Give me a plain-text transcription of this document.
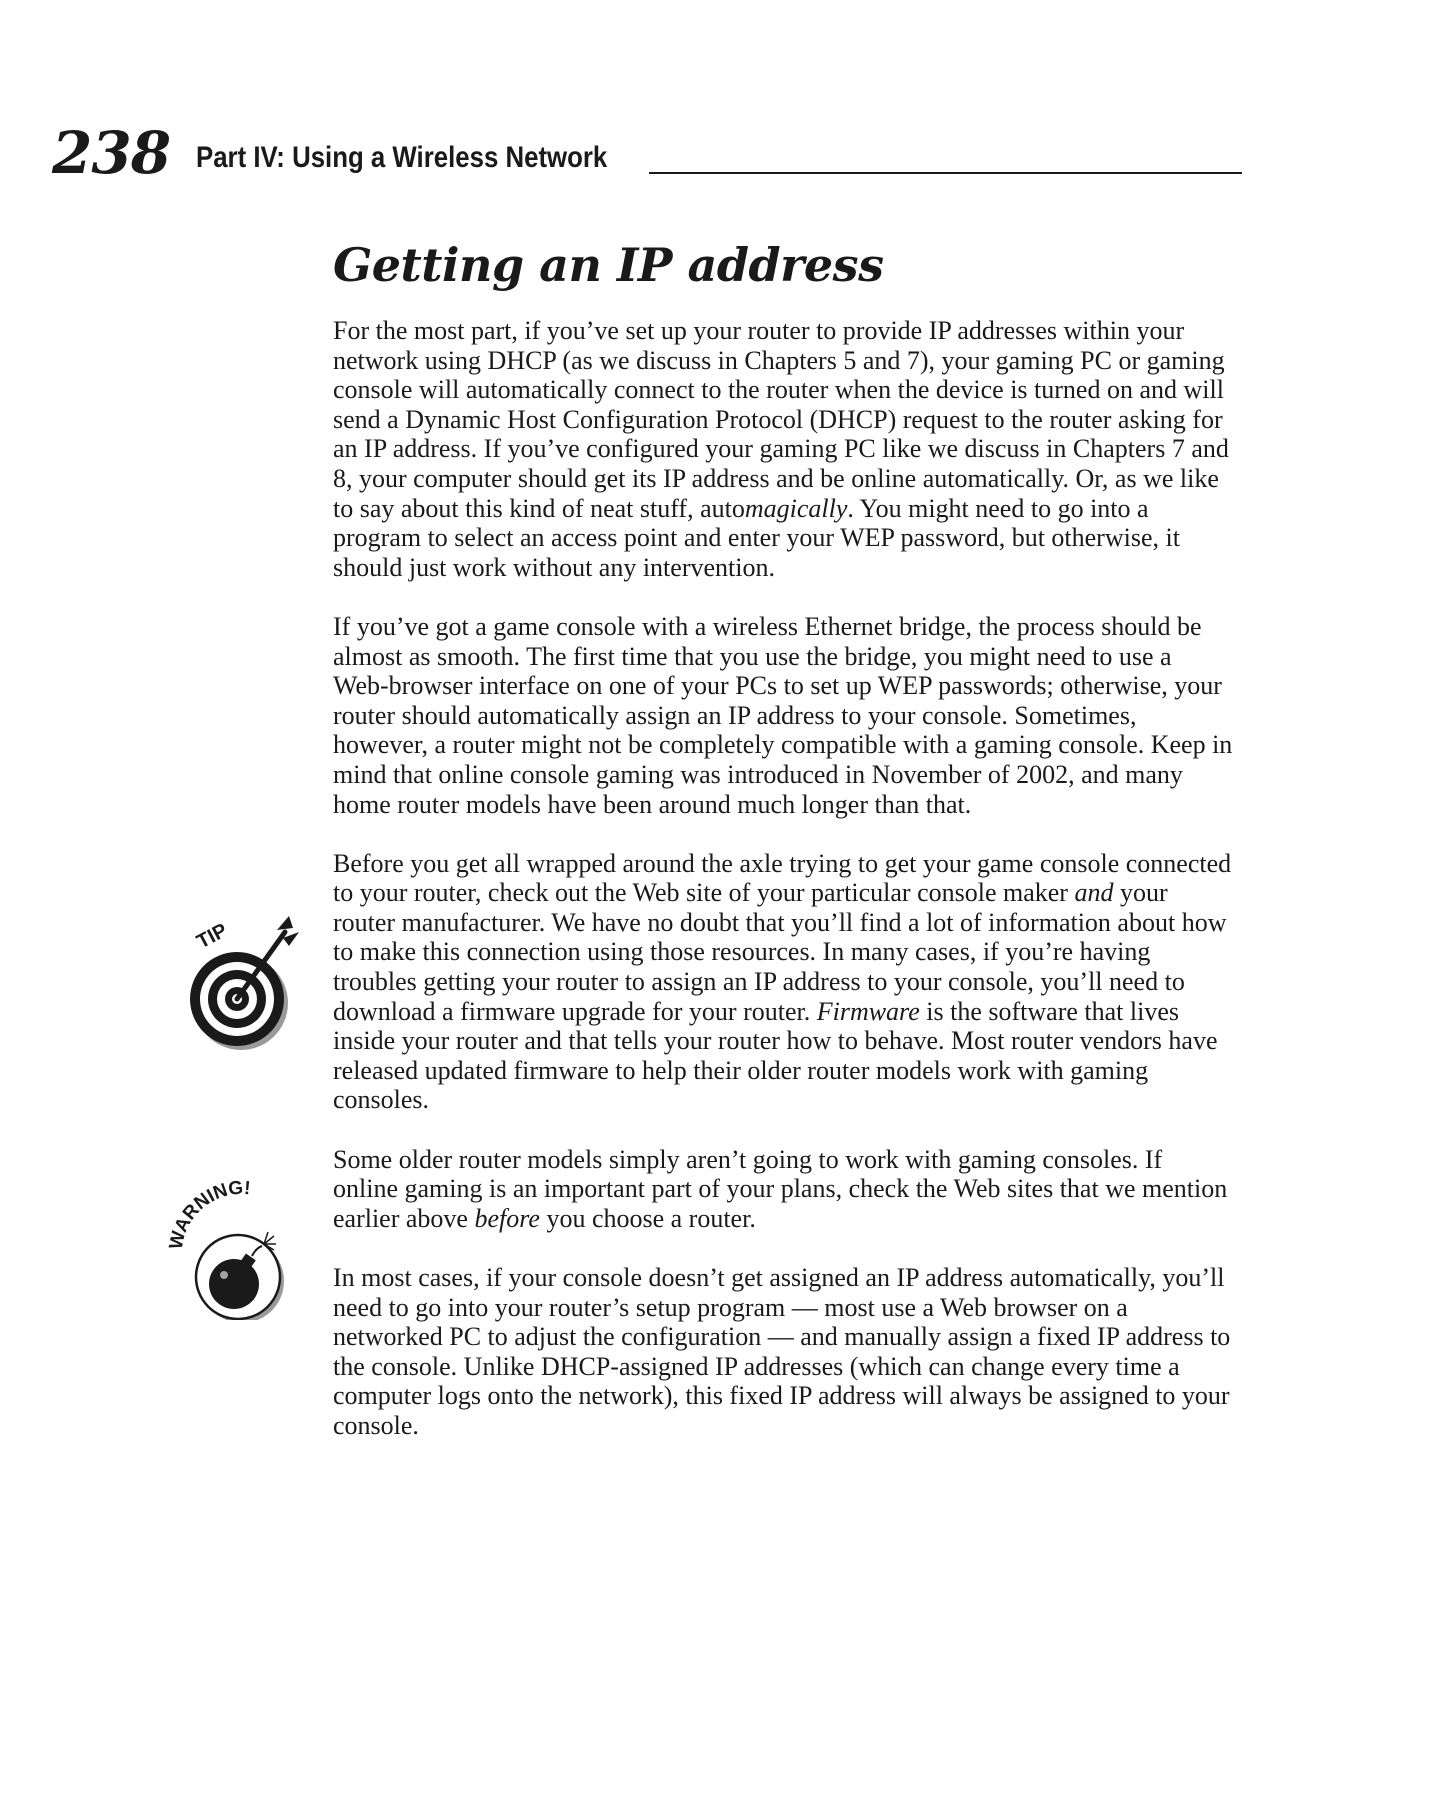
238 Part IV: Using a Wireless Network
Getting an IP address

For the most part, if you’ve set up your router to provide IP addresses within your network using DHCP (as we discuss in Chapters 5 and 7), your gaming PC or gaming console will automatically connect to the router when the device is turned on and will send a Dynamic Host Configuration Protocol (DHCP) request to the router asking for an IP address. If you’ve configured your gaming PC like we discuss in Chapters 7 and 8, your computer should get its IP address and be online automatically. Or, as we like to say about this kind of neat stuff, automagically. You might need to go into a program to select an access point and enter your WEP password, but otherwise, it should just work without any intervention.

If you’ve got a game console with a wireless Ethernet bridge, the process should be almost as smooth. The first time that you use the bridge, you might need to use a Web-browser interface on one of your PCs to set up WEP passwords; otherwise, your router should automatically assign an IP address to your console. Sometimes, however, a router might not be completely compatible with a gaming console. Keep in mind that online console gaming was introduced in November of 2002, and many home router models have been around much longer than that.

Before you get all wrapped around the axle trying to get your game console connected to your router, check out the Web site of your particular console maker and your router manufacturer. We have no doubt that you’ll find a lot of information about how to make this connection using those resources. In many cases, if you’re having troubles getting your router to assign an IP address to your console, you’ll need to download a firmware upgrade for your router. Firmware is the software that lives inside your router and that tells your router how to behave. Most router vendors have released updated firmware to help their older router models work with gaming consoles.

Some older router models simply aren’t going to work with gaming consoles. If online gaming is an important part of your plans, check the Web sites that we mention earlier above before you choose a router.

In most cases, if your console doesn’t get assigned an IP address automatically, you’ll need to go into your router’s setup program — most use a Web browser on a networked PC to adjust the configuration — and manually assign a fixed IP address to the console. Unlike DHCP-assigned IP addresses (which can change every time a computer logs onto the network), this fixed IP address will always be assigned to your console.

TIP
WARNING!
